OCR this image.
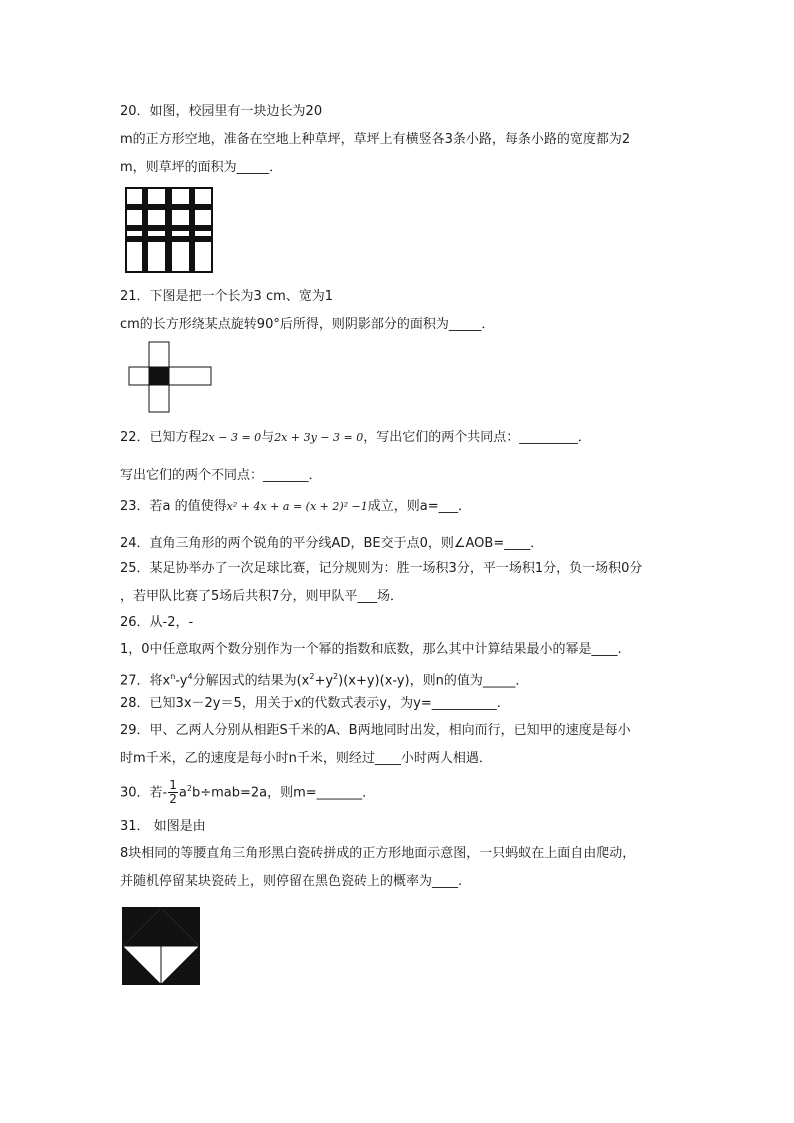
20．如图，校园里有一块边长为20
m的正方形空地，准备在空地上种草坪，草坪上有横竖各3条小路，每条小路的宽度都为2
m，则草坪的面积为_____．
21．下图是把一个长为3 cm、宽为1
cm的长方形绕某点旋转90°后所得，则阴影部分的面积为_____．
22．已知方程2x − 3 = 0与2x + 3y − 3 = 0，写出它们的两个共同点：_________．
写出它们的两个不同点：_______．
23．若a 的值使得x² + 4x + a = (x + 2)² −1成立，则a=___．
24．直角三角形的两个锐角的平分线AD，BE交于点0，则∠AOB=____．
25．某足协举办了一次足球比赛，记分规则为：胜一场积3分，平一场积1分，负一场积0分
，若甲队比赛了5场后共积7分，则甲队平___场．
26．从-2，-
1，0中任意取两个数分别作为一个幂的指数和底数，那么其中计算结果最小的幂是____.
27．将$x^n-y^4$分解因式的结果为$(x^2+y^2)(x+y)(x-y)$，则n的值为_____．
28．已知3x－2y＝5，用关于x的代数式表示y，为y=__________.
29．甲、乙两人分别从相距S千米的A、B两地同时出发，相向而行，已知甲的速度是每小
时m千米，乙的速度是每小时n千米，则经过____小时两人相遇．
30．若- $\frac{1}{2} a^2b\div mab=2a$，则m=_______．
31． 如图是由
8块相同的等腰直角三角形黑白瓷砖拼成的正方形地面示意图，一只蚂蚁在上面自由爬动，
并随机停留某块瓷砖上，则停留在黑色瓷砖上的概率为____.
